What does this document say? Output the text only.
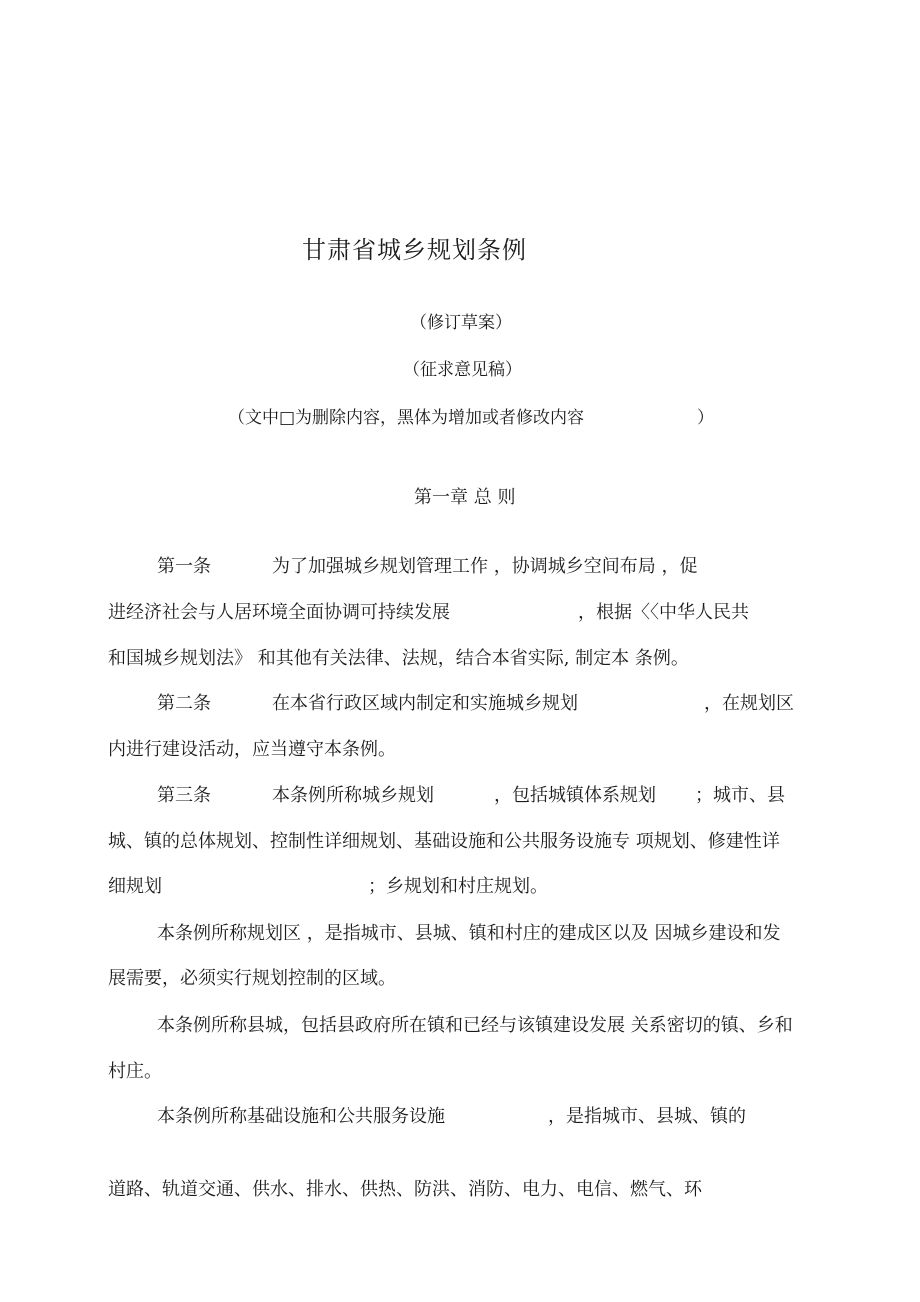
甘肃省城乡规划条例
（修订草案）
（征求意见稿）
（文中□为删除内容，黑体为增加或者修改内容	）
第一章 总 则
第一条	为了加强城乡规划管理工作 ，协调城乡空间布局 ，促
进经济社会与人居环境全面协调可持续发展	，根据〈〈中华人民共
和国城乡规划法》 和其他有关法律、法规，结合本省实际, 制定本 条例。
第二条	在本省行政区域内制定和实施城乡规划	，在规划区
内进行建设活动，应当遵守本条例。
第三条	本条例所称城乡规划	，包括城镇体系规划 ；城市、县
城、镇的总体规划、控制性详细规划、基础设施和公共服务设施专 项规划、修建性详
细规划	；乡规划和村庄规划。
本条例所称规划区 ，是指城市、县城、镇和村庄的建成区以及 因城乡建设和发
展需要，必须实行规划控制的区域。
本条例所称县城，包括县政府所在镇和已经与该镇建设发展 关系密切的镇、乡和
村庄。
本条例所称基础设施和公共服务设施	，是指城市、县城、镇的
道路、轨道交通、供水、排水、供热、防洪、消防、电力、电信、燃气、环
